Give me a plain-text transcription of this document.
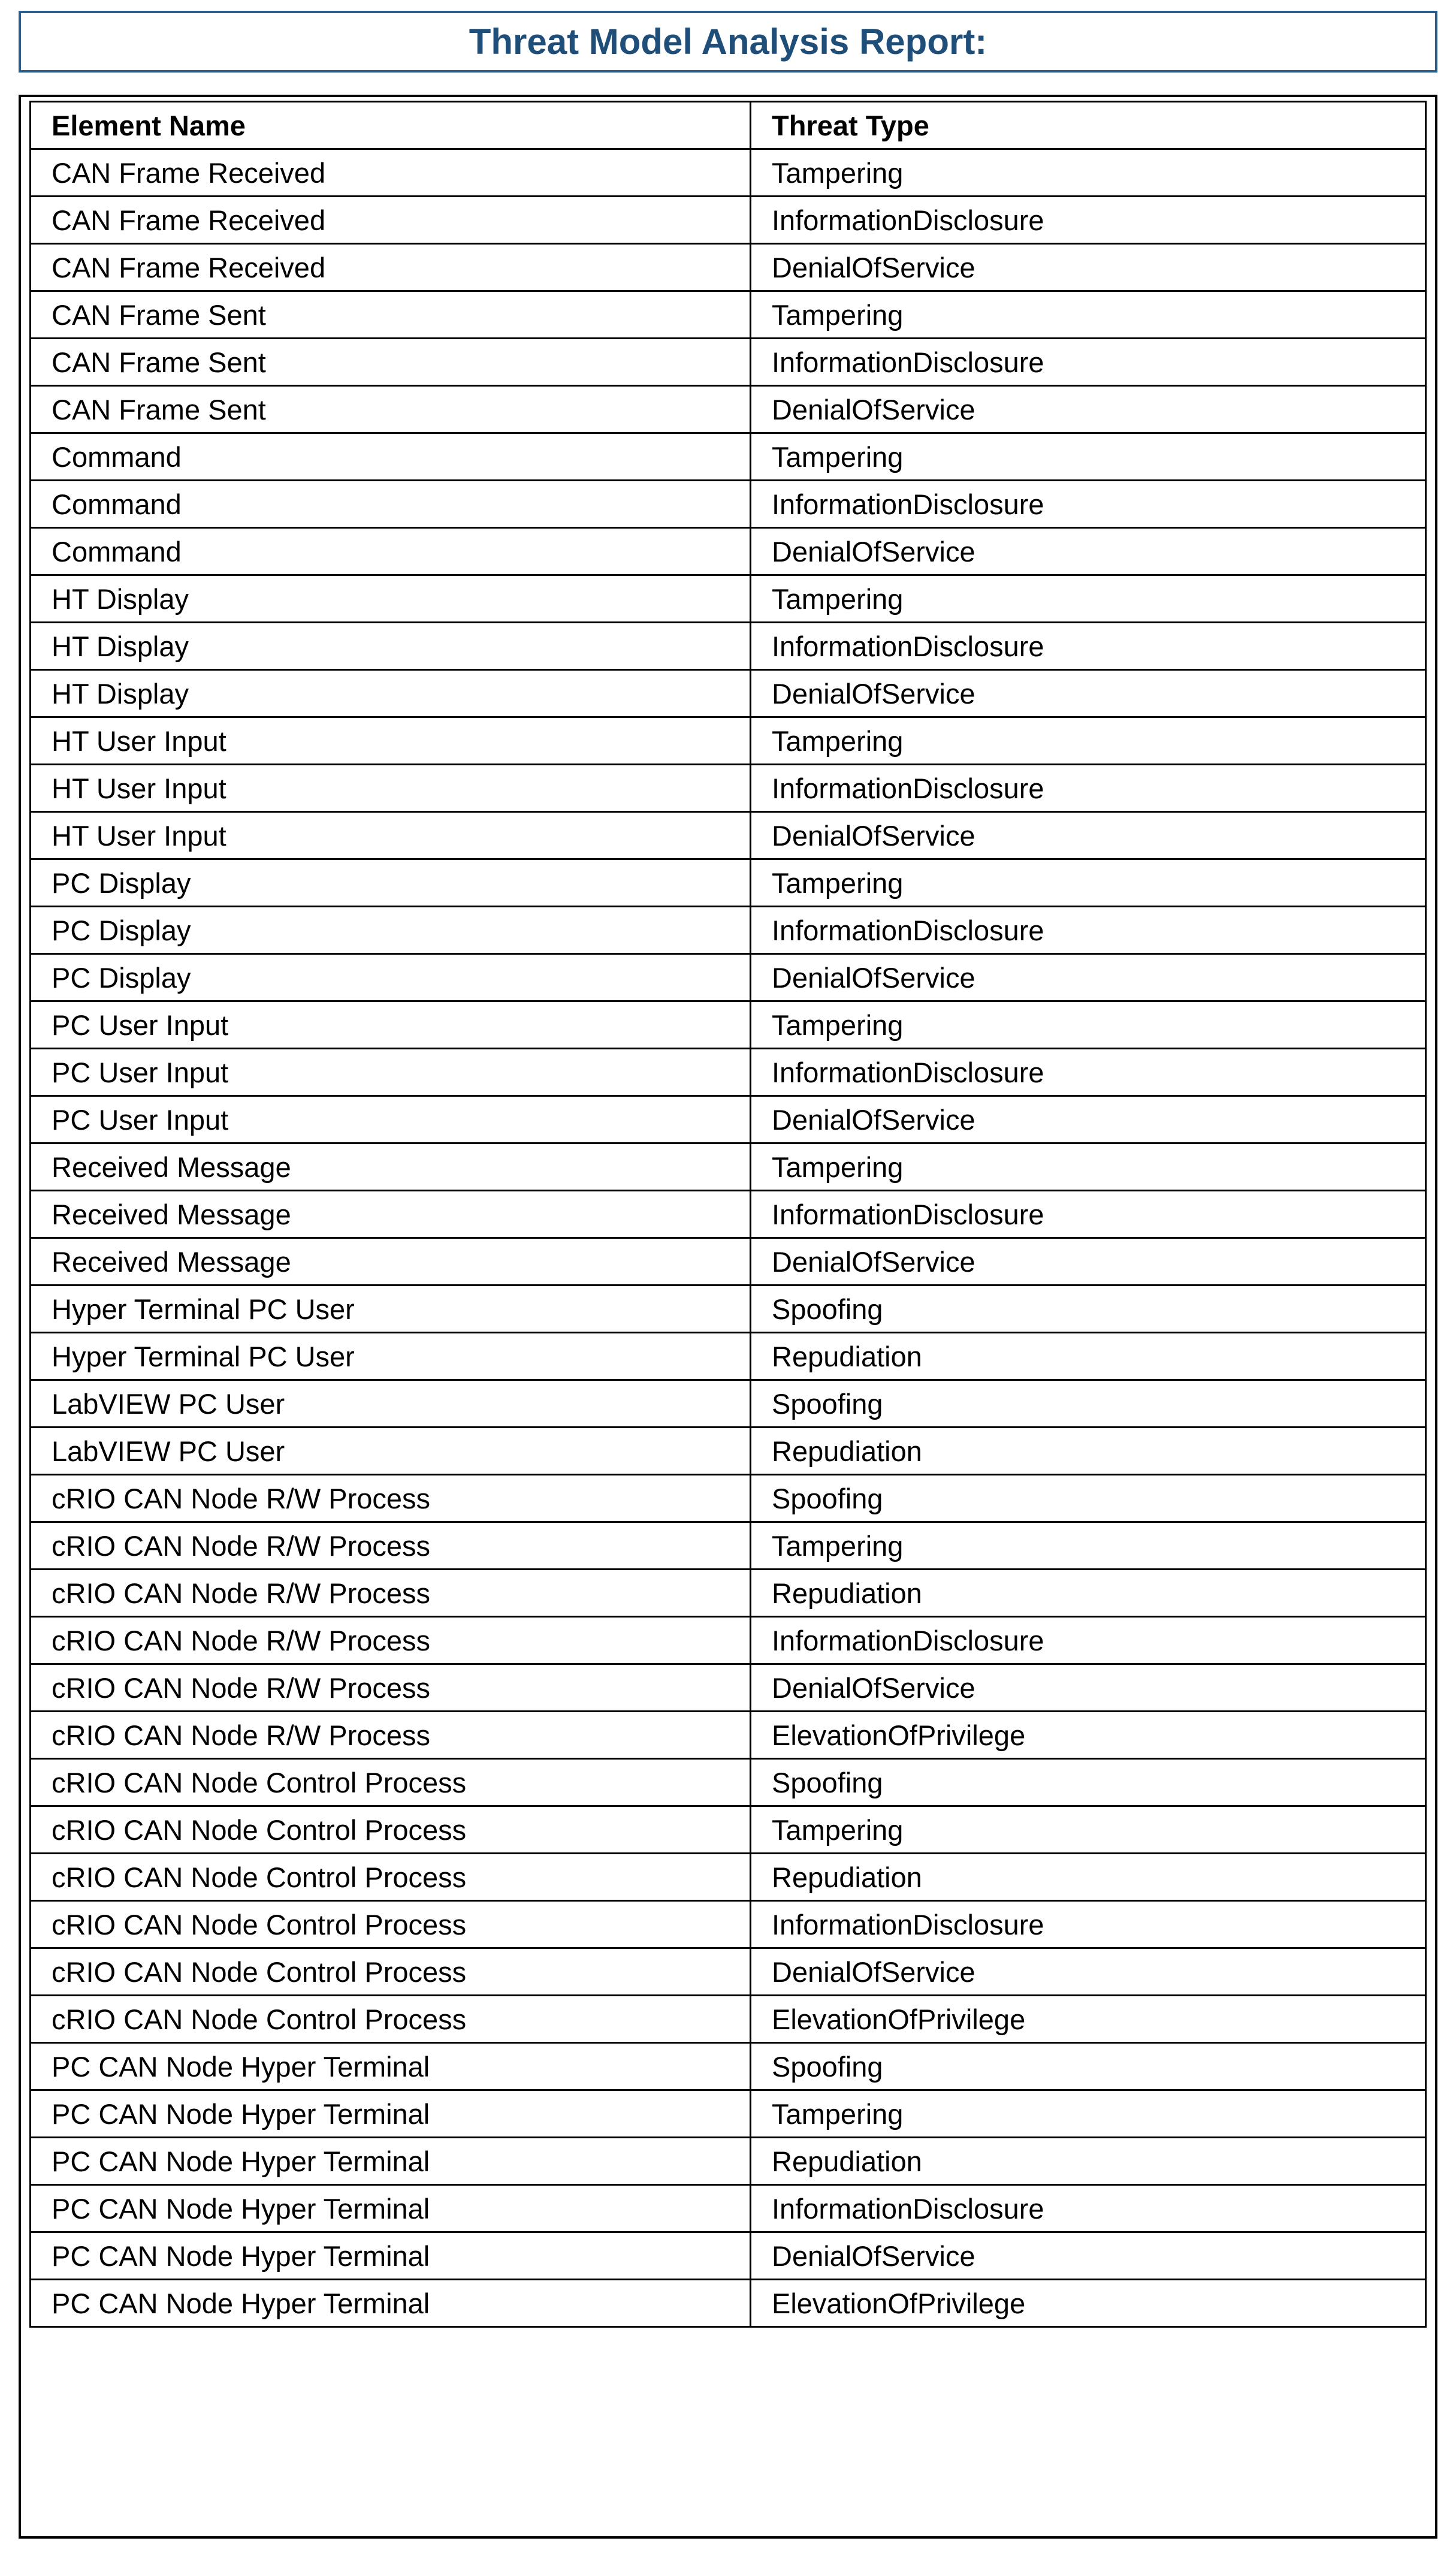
Threat Model Analysis Report:
Element Name	Threat Type
CAN Frame Received	Tampering
CAN Frame Received	InformationDisclosure
CAN Frame Received	DenialOfService
CAN Frame Sent	Tampering
CAN Frame Sent	InformationDisclosure
CAN Frame Sent	DenialOfService
Command	Tampering
Command	InformationDisclosure
Command	DenialOfService
HT Display	Tampering
HT Display	InformationDisclosure
HT Display	DenialOfService
HT User Input	Tampering
HT User Input	InformationDisclosure
HT User Input	DenialOfService
PC Display	Tampering
PC Display	InformationDisclosure
PC Display	DenialOfService
PC User Input	Tampering
PC User Input	InformationDisclosure
PC User Input	DenialOfService
Received Message	Tampering
Received Message	InformationDisclosure
Received Message	DenialOfService
Hyper Terminal PC User	Spoofing
Hyper Terminal PC User	Repudiation
LabVIEW PC User	Spoofing
LabVIEW PC User	Repudiation
cRIO CAN Node R/W Process	Spoofing
cRIO CAN Node R/W Process	Tampering
cRIO CAN Node R/W Process	Repudiation
cRIO CAN Node R/W Process	InformationDisclosure
cRIO CAN Node R/W Process	DenialOfService
cRIO CAN Node R/W Process	ElevationOfPrivilege
cRIO CAN Node Control Process	Spoofing
cRIO CAN Node Control Process	Tampering
cRIO CAN Node Control Process	Repudiation
cRIO CAN Node Control Process	InformationDisclosure
cRIO CAN Node Control Process	DenialOfService
cRIO CAN Node Control Process	ElevationOfPrivilege
PC CAN Node Hyper Terminal	Spoofing
PC CAN Node Hyper Terminal	Tampering
PC CAN Node Hyper Terminal	Repudiation
PC CAN Node Hyper Terminal	InformationDisclosure
PC CAN Node Hyper Terminal	DenialOfService
PC CAN Node Hyper Terminal	ElevationOfPrivilege
